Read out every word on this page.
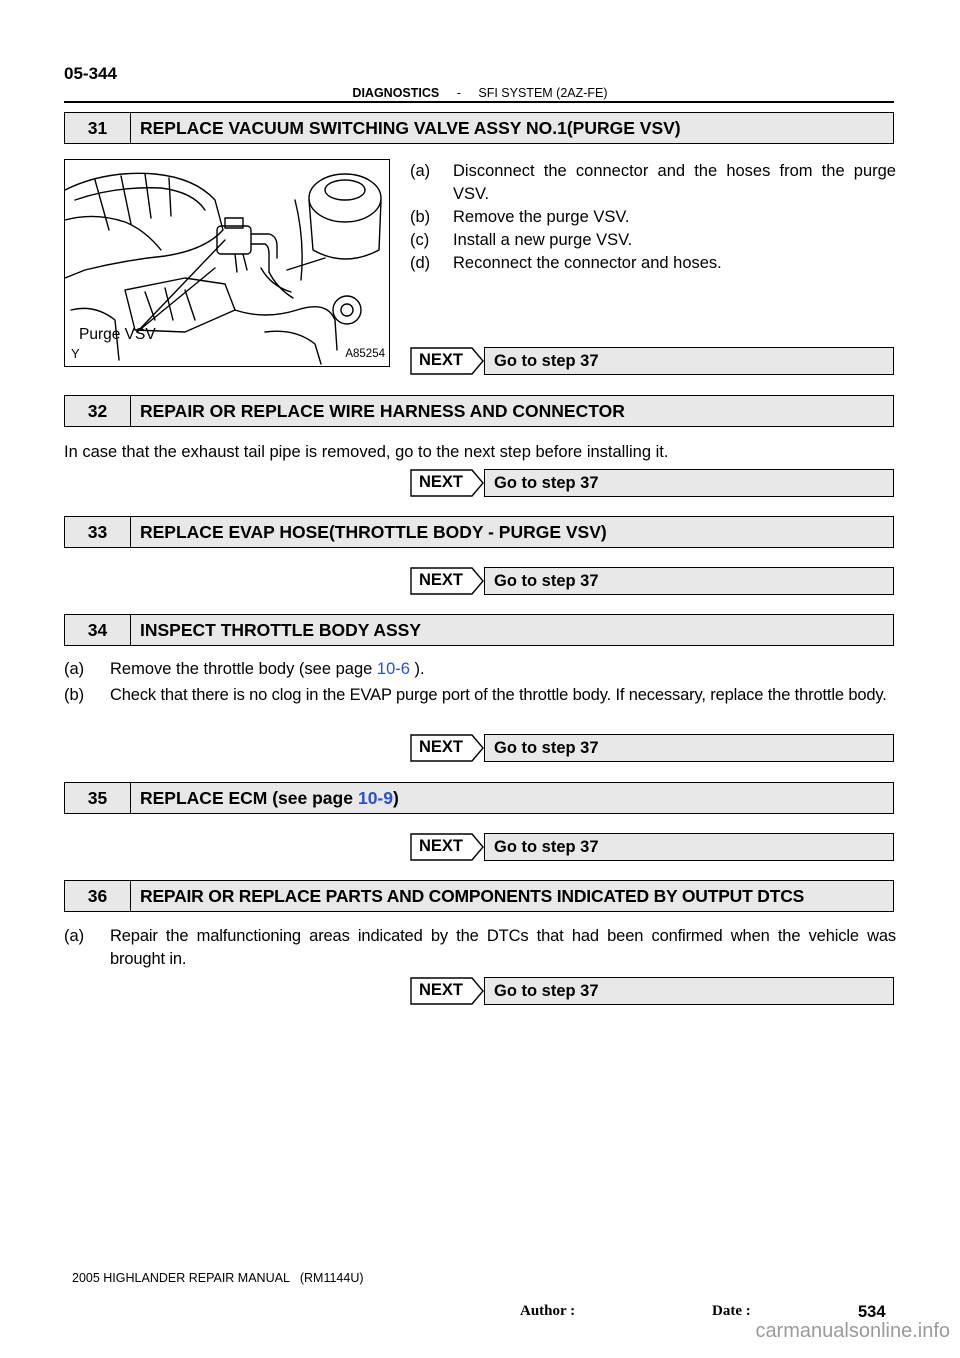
05-344
DIAGNOSTICS - SFI SYSTEM (2AZ-FE)
31	REPLACE VACUUM SWITCHING VALVE ASSY NO.1(PURGE VSV)
Purge VSV
Y	A85254
(a) Disconnect the connector and the hoses from the purge VSV.
(b) Remove the purge VSV.
(c) Install a new purge VSV.
(d) Reconnect the connector and hoses.
NEXT	Go to step 37
32	REPAIR OR REPLACE WIRE HARNESS AND CONNECTOR
In case that the exhaust tail pipe is removed, go to the next step before installing it.
NEXT	Go to step 37
33	REPLACE EVAP HOSE(THROTTLE BODY - PURGE VSV)
NEXT	Go to step 37
34	INSPECT THROTTLE BODY ASSY
(a) Remove the throttle body (see page 10-6 ).
(b) Check that there is no clog in the EVAP purge port of the throttle body. If necessary, replace the throttle body.
NEXT	Go to step 37
35	REPLACE ECM (see page 10-9 )
NEXT	Go to step 37
36	REPAIR OR REPLACE PARTS AND COMPONENTS INDICATED BY OUTPUT DTCS
(a) Repair the malfunctioning areas indicated by the DTCs that had been confirmed when the vehicle was brought in.
NEXT	Go to step 37
2005 HIGHLANDER REPAIR MANUAL   (RM1144U)
Author :	Date :	534
carmanualsonline.info
